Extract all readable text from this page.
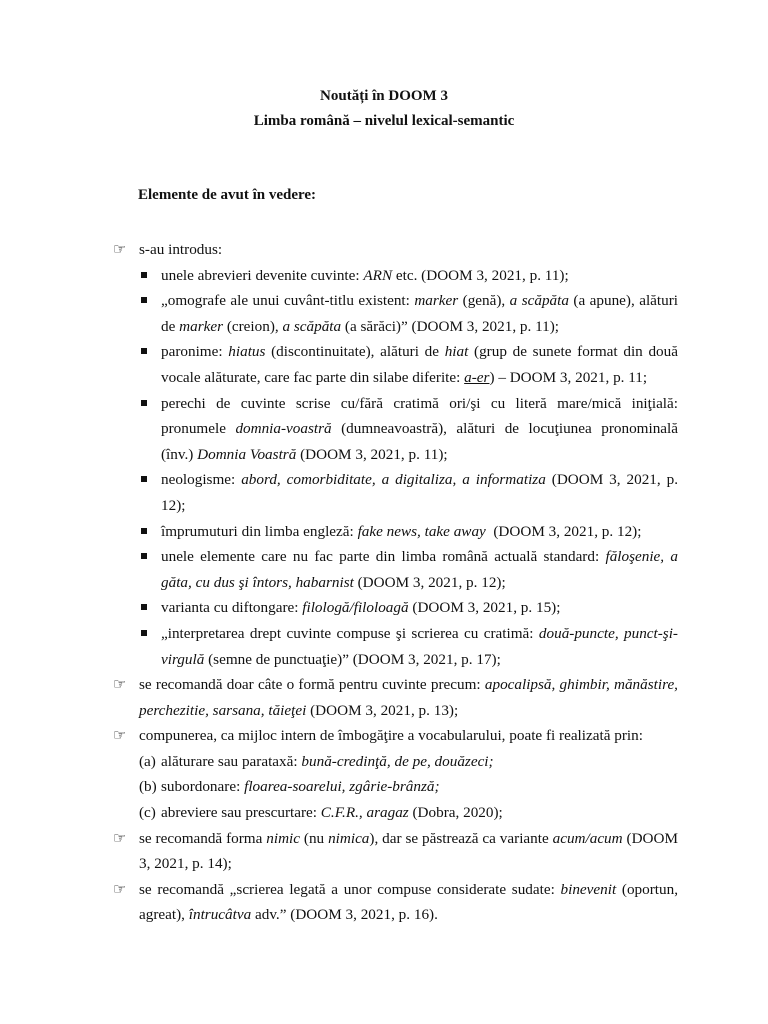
Noutăți în DOOM 3
Limba română – nivelul lexical-semantic
Elemente de avut în vedere:
☞ s-au introdus:
unele abrevieri devenite cuvinte: ARN etc. (DOOM 3, 2021, p. 11);
„omografe ale unui cuvânt-titlu existent: marker (genă), a scăpăta (a apune), alături de marker (creion), a scăpăta (a sărăci)” (DOOM 3, 2021, p. 11);
paronime: hiatus (discontinuitate), alături de hiat (grup de sunete format din două vocale alăturate, care fac parte din silabe diferite: a-er) – DOOM 3, 2021, p. 11;
perechi de cuvinte scrise cu/fără cratimă ori/şi cu literă mare/mică iniţială: pronumele domnia-voastră (dumneavoastră), alături de locuţiunea pronominală (înv.) Domnia Voastră (DOOM 3, 2021, p. 11);
neologisme: abord, comorbiditate, a digitaliza, a informatiza (DOOM 3, 2021, p. 12);
împrumuturi din limba engleză: fake news, take away  (DOOM 3, 2021, p. 12);
unele elemente care nu fac parte din limba română actuală standard: făloşenie, a găta, cu dus şi întors, habarnist (DOOM 3, 2021, p. 12);
varianta cu diftongare: filologă/filoloagă (DOOM 3, 2021, p. 15);
„interpretarea drept cuvinte compuse şi scrierea cu cratimă: două-puncte, punct-şi-virgulă (semne de punctuaţie)” (DOOM 3, 2021, p. 17);
☞ se recomandă doar câte o formă pentru cuvinte precum: apocalipsă, ghimbir, mănăstire, perchezitie, sarsana, tăieţei (DOOM 3, 2021, p. 13);
☞ compunerea, ca mijloc intern de îmbogăţire a vocabularului, poate fi realizată prin:
(a) alăturare sau parataxă: bună-credinţă, de pe, douăzeci;
(b) subordonare: floarea-soarelui, zgârie-brânză;
(c) abreviere sau prescurtare: C.F.R., aragaz (Dobra, 2020);
☞ se recomandă forma nimic (nu nimica), dar se păstrează ca variante acum/acum (DOOM 3, 2021, p. 14);
☞ se recomandă „scrierea legată a unor compuse considerate sudate: binevenit (oportun, agreat), întrucâtva adv.” (DOOM 3, 2021, p. 16).
